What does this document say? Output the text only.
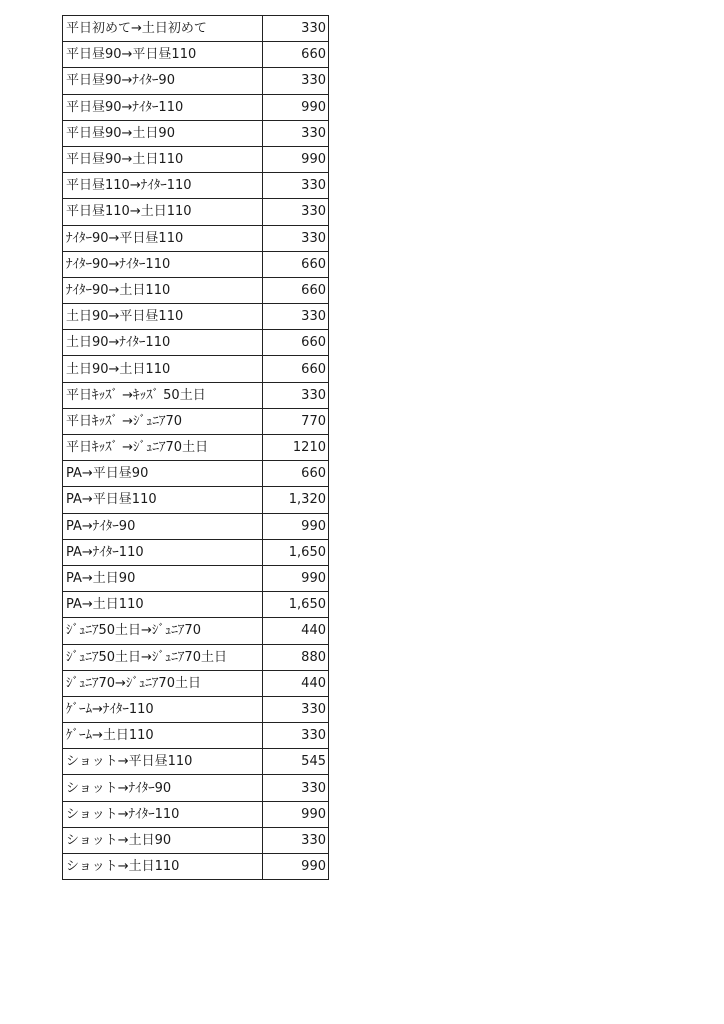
平日初めて→土日初めて	330
平日昼90→平日昼110	660
平日昼90→ﾅｲﾀｰ90	330
平日昼90→ﾅｲﾀｰ110	990
平日昼90→土日90	330
平日昼90→土日110	990
平日昼110→ﾅｲﾀｰ110	330
平日昼110→土日110	330
ﾅｲﾀｰ90→平日昼110	330
ﾅｲﾀｰ90→ﾅｲﾀｰ110	660
ﾅｲﾀｰ90→土日110	660
土日90→平日昼110	330
土日90→ﾅｲﾀｰ110	660
土日90→土日110	660
平日ｷｯｽﾞ →ｷｯｽﾞ 50土日	330
平日ｷｯｽﾞ →ｼﾞｭﾆｱ70	770
平日ｷｯｽﾞ →ｼﾞｭﾆｱ70土日	1210
PA→平日昼90	660
PA→平日昼110	1,320
PA→ﾅｲﾀｰ90	990
PA→ﾅｲﾀｰ110	1,650
PA→土日90	990
PA→土日110	1,650
ｼﾞｭﾆｱ50土日→ｼﾞｭﾆｱ70	440
ｼﾞｭﾆｱ50土日→ｼﾞｭﾆｱ70土日	880
ｼﾞｭﾆｱ70→ｼﾞｭﾆｱ70土日	440
ｹﾞｰﾑ→ﾅｲﾀｰ110	330
ｹﾞｰﾑ→土日110	330
ショット→平日昼110	545
ショット→ﾅｲﾀｰ90	330
ショット→ﾅｲﾀｰ110	990
ショット→土日90	330
ショット→土日110	990
